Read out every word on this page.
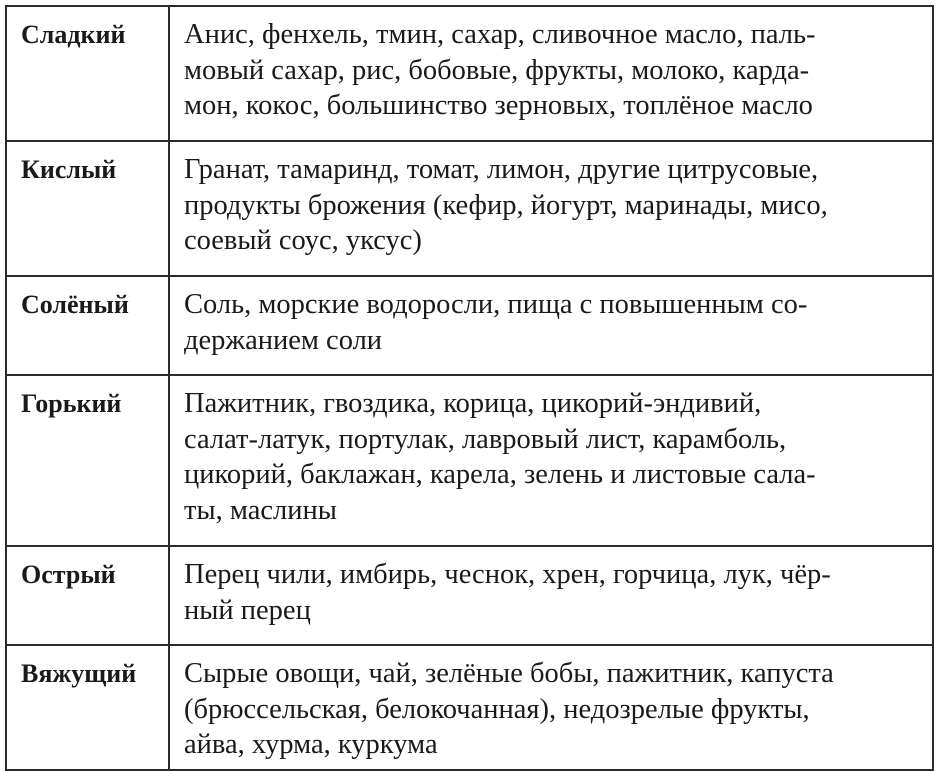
Сладкий	Анис, фенхель, тмин, сахар, сливочное масло, паль-
мовый сахар, рис, бобовые, фрукты, молоко, карда-
мон, кокос, большинство зерновых, топлёное масло

Кислый	Гранат, тамаринд, томат, лимон, другие цитрусовые,
продукты брожения (кефир, йогурт, маринады, мисо,
соевый соус, уксус)

Солёный	Соль, морские водоросли, пища с повышенным со-
держанием соли

Горький	Пажитник, гвоздика, корица, цикорий-эндивий,
салат-латук, портулак, лавровый лист, карамболь,
цикорий, баклажан, карела, зелень и листовые сала-
ты, маслины

Острый	Перец чили, имбирь, чеснок, хрен, горчица, лук, чёр-
ный перец

Вяжущий	Сырые овощи, чай, зелёные бобы, пажитник, капуста
(брюссельская, белокочанная), недозрелые фрукты,
айва, хурма, куркума
